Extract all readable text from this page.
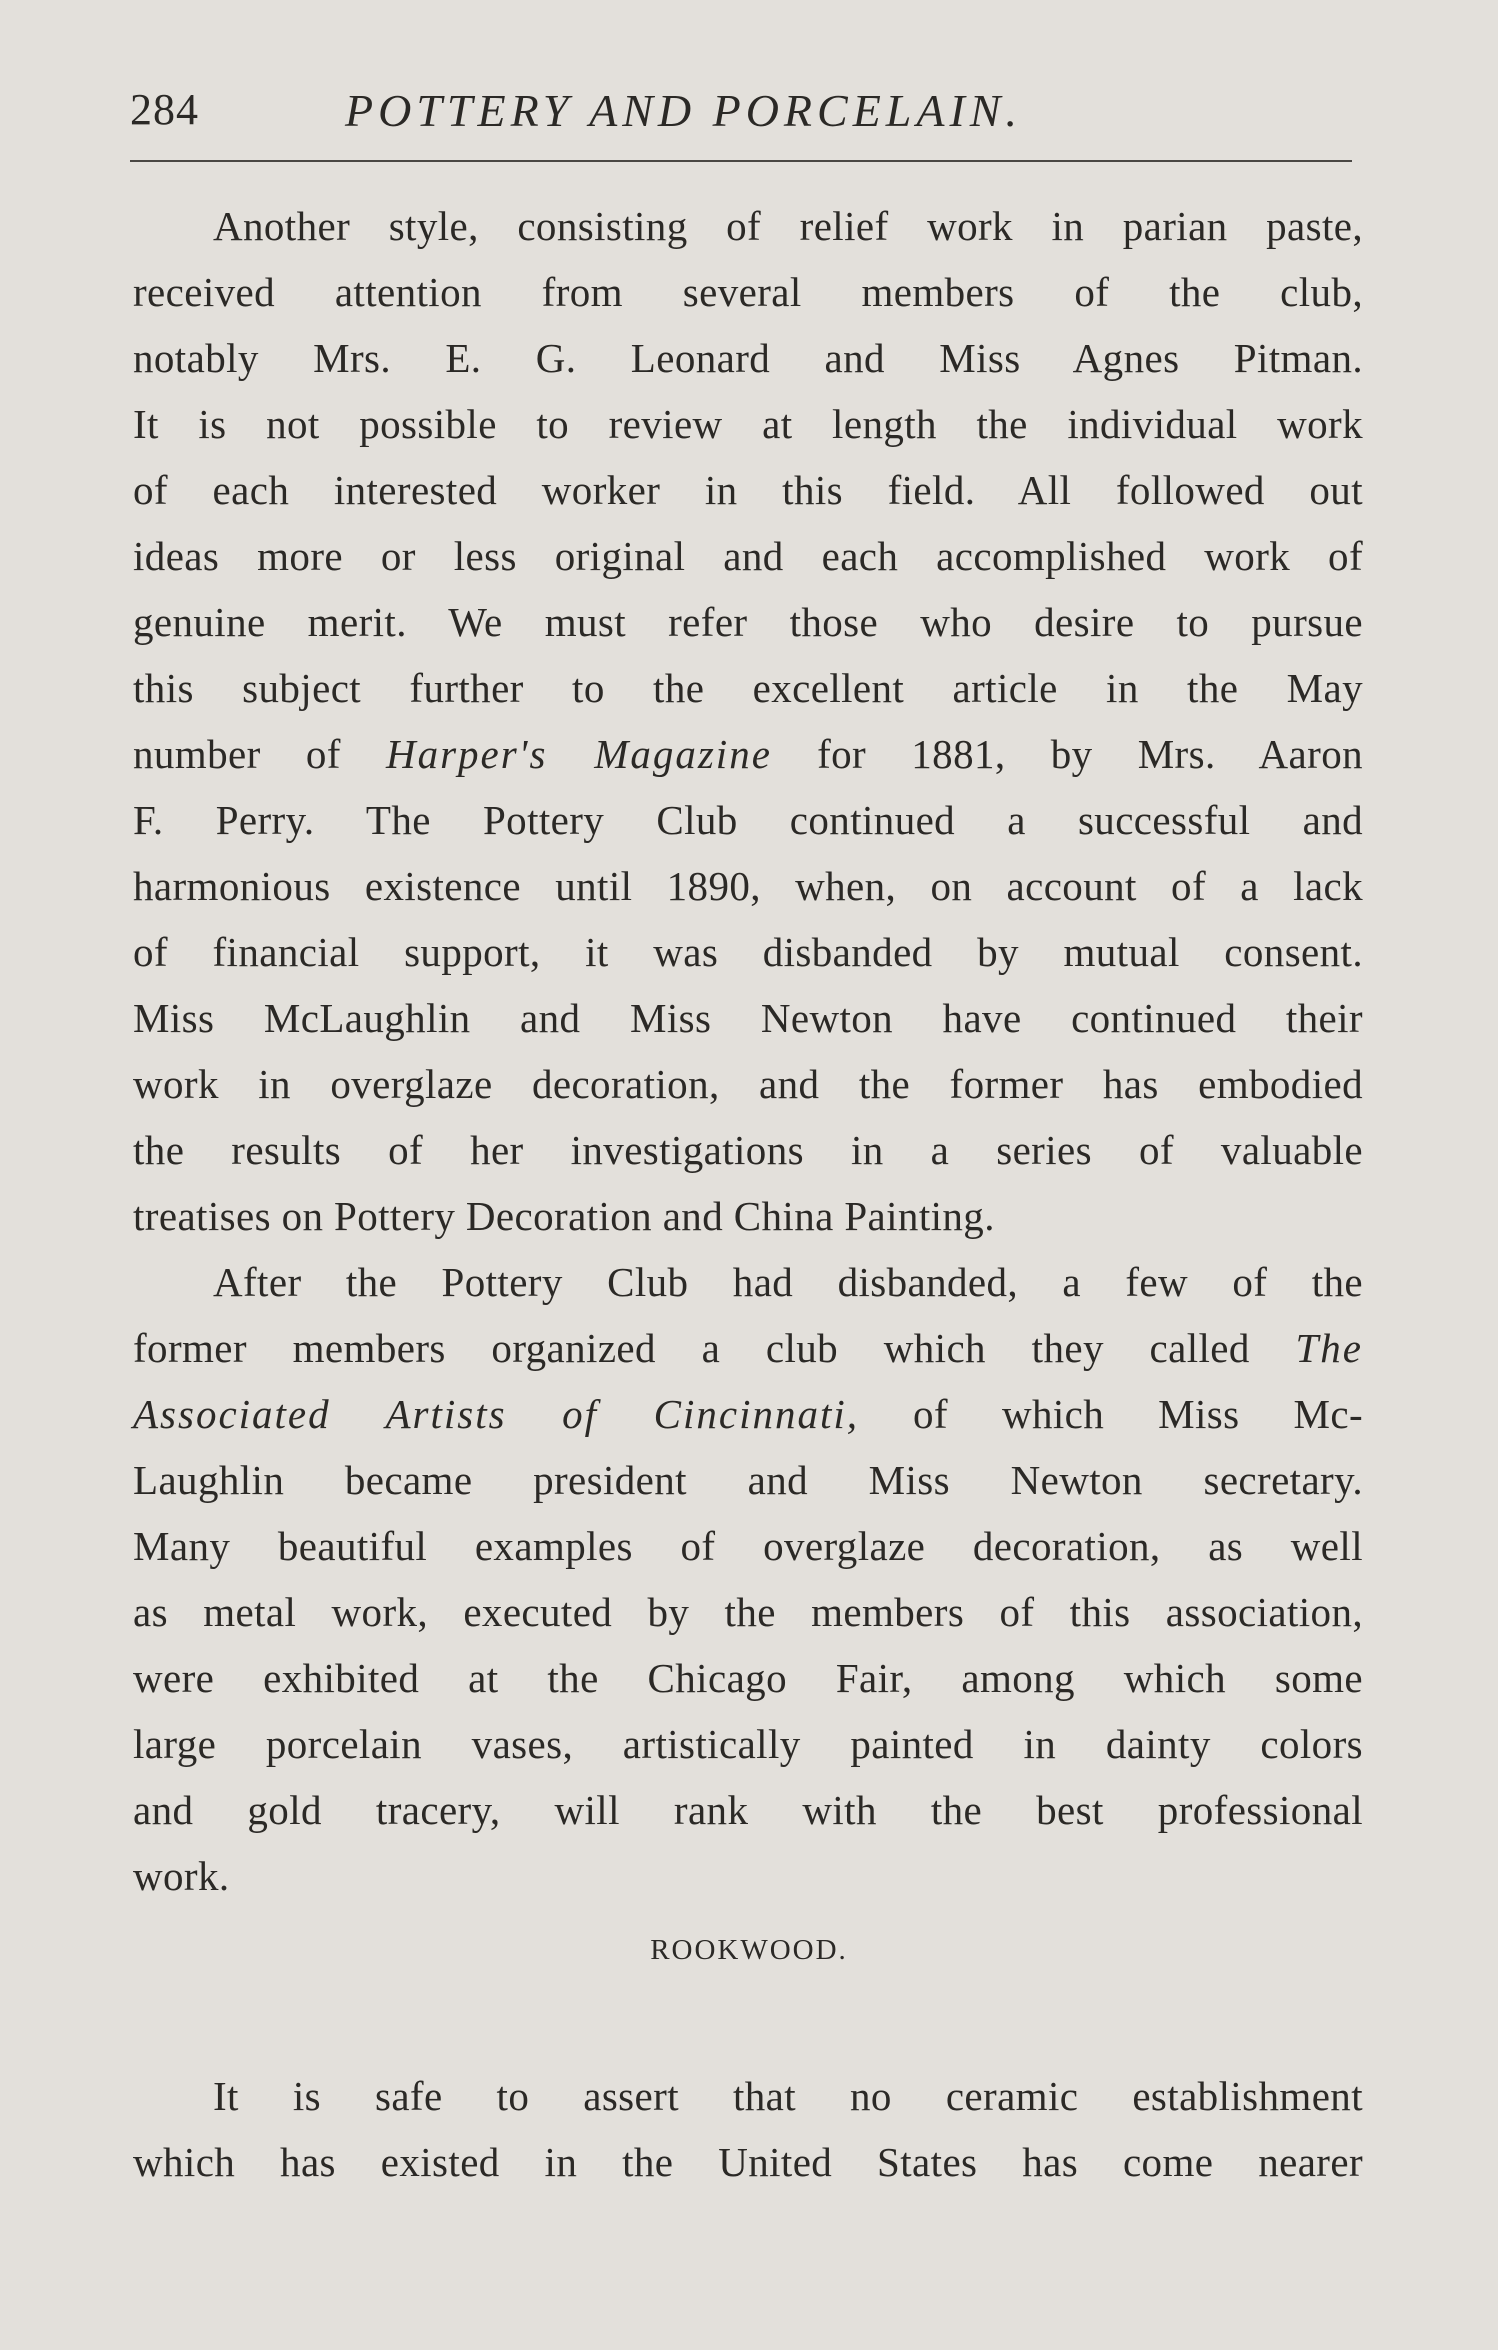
284	POTTERY AND PORCELAIN.
Another style, consisting of relief work in parian paste,
received attention from several members of the club,
notably Mrs. E. G. Leonard and Miss Agnes Pitman.
It is not possible to review at length the individual work
of each interested worker in this field. All followed out
ideas more or less original and each accomplished work of
genuine merit. We must refer those who desire to pursue
this subject further to the excellent article in the May
number of Harper's Magazine for 1881, by Mrs. Aaron
F. Perry. The Pottery Club continued a successful and
harmonious existence until 1890, when, on account of a lack
of financial support, it was disbanded by mutual consent.
Miss McLaughlin and Miss Newton have continued their
work in overglaze decoration, and the former has embodied
the results of her investigations in a series of valuable
treatises on Pottery Decoration and China Painting.
After the Pottery Club had disbanded, a few of the
former members organized a club which they called The
Associated Artists of Cincinnati, of which Miss Mc-
Laughlin became president and Miss Newton secretary.
Many beautiful examples of overglaze decoration, as well
as metal work, executed by the members of this association,
were exhibited at the Chicago Fair, among which some
large porcelain vases, artistically painted in dainty colors
and gold tracery, will rank with the best professional
work.
ROOKWOOD.
It is safe to assert that no ceramic establishment
which has existed in the United States has come nearer
